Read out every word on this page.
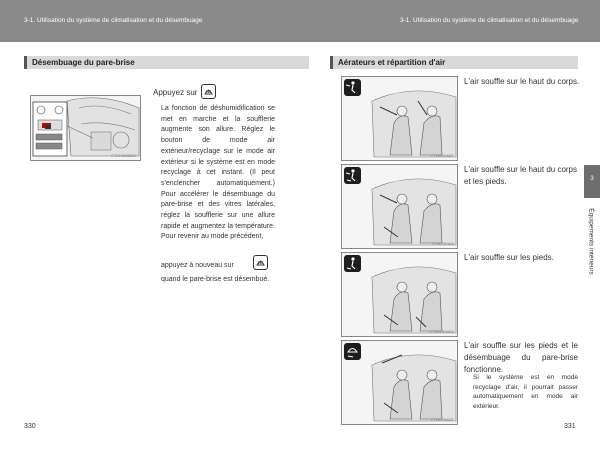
3-1. Utilisation du système de climatisation et du désembuage	3-1. Utilisation du système de climatisation et du désembuage
Désembuage du pare-brise
CTHIS9068KF
Appuyez sur

La fonction de déshumidification se met en marche et la soufflerie augmente son allure. Réglez le bouton de mode air extérieur/recyclage sur le mode air extérieur si le système est en mode recyclage à cet instant. (Il peut s'enclencher automatiquement.) Pour accélérer le désembuage du pare-brise et des vitres latérales, réglez la soufflerie sur une allure rapide et augmentez la température. Pour revenir au mode précédent,

appuyez à nouveau sur

quand le pare-brise est désembué.

330
Aérateurs et répartition d'air
CTHIS9068E

L'air souffle sur le haut du corps.

CTHIS9068I

L'air souffle sur le haut du corps et les pieds.

CTHIS9068W

L'air souffle sur les pieds.

CTHIS9068T

L'air souffle sur les pieds et le désembuage du pare-brise fonctionne.

Si le système est en mode recyclage d'air, il pourrait passer automatiquement en mode air extérieur.

3
Équipements intérieurs
331
